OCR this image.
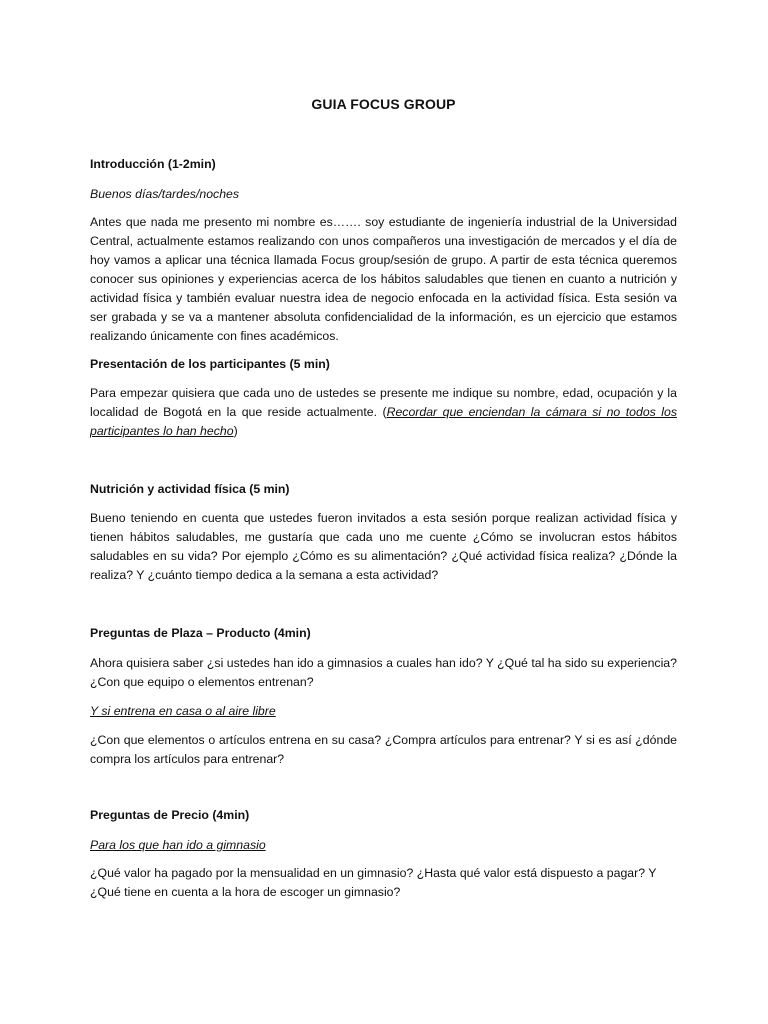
GUIA FOCUS GROUP

Introducción (1-2min)

Buenos días/tardes/noches

Antes que nada me presento mi nombre es……. soy estudiante de ingeniería industrial de la Universidad Central, actualmente estamos realizando con unos compañeros una investigación de mercados y el día de hoy vamos a aplicar una técnica llamada Focus group/sesión de grupo. A partir de esta técnica queremos conocer sus opiniones y experiencias acerca de los hábitos saludables que tienen en cuanto a nutrición y actividad física y también evaluar nuestra idea de negocio enfocada en la actividad física. Esta sesión va ser grabada y se va a mantener absoluta confidencialidad de la información, es un ejercicio que estamos realizando únicamente con fines académicos.

Presentación de los participantes (5 min)

Para empezar quisiera que cada uno de ustedes se presente me indique su nombre, edad, ocupación y la localidad de Bogotá en la que reside actualmente. (Recordar que enciendan la cámara si no todos los participantes lo han hecho)

Nutrición y actividad física (5 min)

Bueno teniendo en cuenta que ustedes fueron invitados a esta sesión porque realizan actividad física y tienen hábitos saludables, me gustaría que cada uno me cuente ¿Cómo se involucran estos hábitos saludables en su vida? Por ejemplo ¿Cómo es su alimentación? ¿Qué actividad física realiza? ¿Dónde la realiza? Y ¿cuánto tiempo dedica a la semana a esta actividad?

Preguntas de Plaza – Producto (4min)

Ahora quisiera saber ¿si ustedes han ido a gimnasios a cuales han ido? Y ¿Qué tal ha sido su experiencia? ¿Con que equipo o elementos entrenan?

Y si entrena en casa o al aire libre

¿Con que elementos o artículos entrena en su casa? ¿Compra artículos para entrenar? Y si es así ¿dónde compra los artículos para entrenar?

Preguntas de Precio (4min)

Para los que han ido a gimnasio

¿Qué valor ha pagado por la mensualidad en un gimnasio? ¿Hasta qué valor está dispuesto a pagar? Y ¿Qué tiene en cuenta a la hora de escoger un gimnasio?
